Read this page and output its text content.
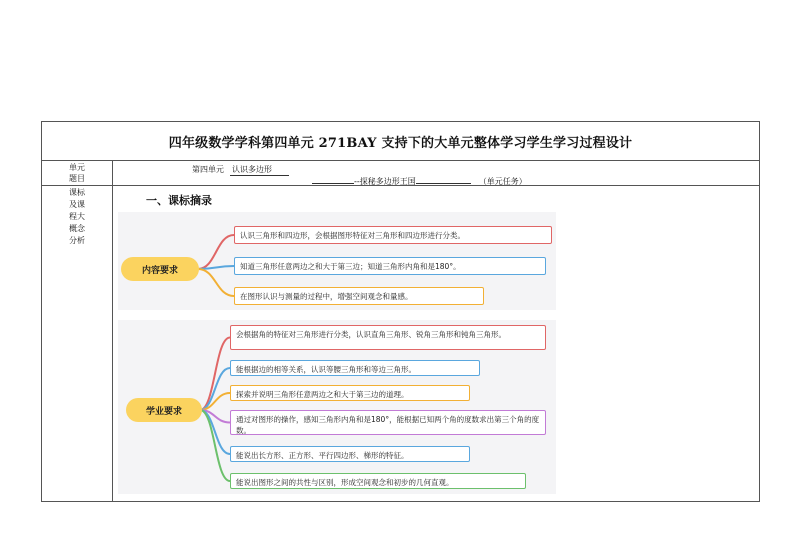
四年级数学学科第四单元 271BAY 支持下的大单元整体学习学生学习过程设计
单元
题目
课标
及课
程大
概念
分析
第四单元 认识多边形
--探秘多边形王国	（单元任务）
一、课标摘录
内容要求
认识三角形和四边形，会根据图形特征对三角形和四边形进行分类。
知道三角形任意两边之和大于第三边；知道三角形内角和是180°。
在图形认识与测量的过程中，增强空间观念和量感。
学业要求
会根据角的特征对三角形进行分类，认识直角三角形、锐角三角形和钝角三角形。
能根据边的相等关系，认识等腰三角形和等边三角形。
探索并说明三角形任意两边之和大于第三边的道理。
通过对图形的操作，感知三角形内角和是180°，能根据已知两个角的度数求出第三个角的度数。
能说出长方形、正方形、平行四边形、梯形的特征。
能说出图形之间的共性与区别，形成空间观念和初步的几何直观。
